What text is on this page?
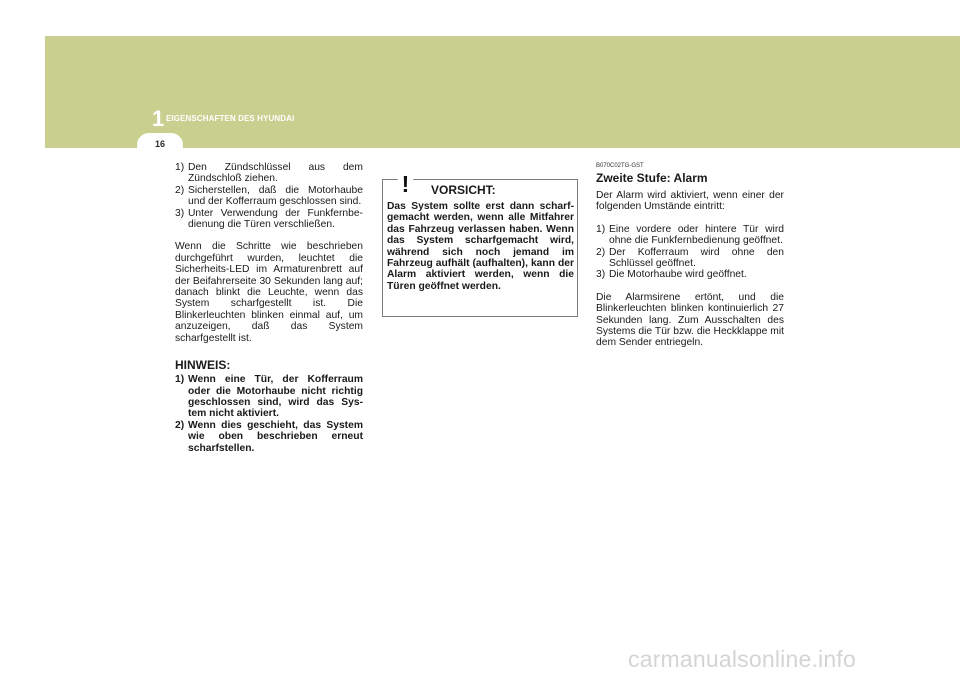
1 EIGENSCHAFTEN DES HYUNDAI
16
1) Den Zündschlüssel aus dem Zündschloß ziehen.
2) Sicherstellen, daß die Motorhaube und der Kofferraum geschlossen sind.
3) Unter Verwendung der Funkfernbe-dienung die Türen verschließen.

Wenn die Schritte wie beschrieben durchgeführt wurden, leuchtet die Sicherheits-LED im Armaturenbrett auf der Beifahrerseite 30 Sekunden lang auf; danach blinkt die Leuchte, wenn das System scharfgestellt ist. Die Blinkerleuchten blinken einmal auf, um anzuzeigen, daß das System scharfgestellt ist.

HINWEIS:
1) Wenn eine Tür, der Kofferraum oder die Motorhaube nicht richtig geschlossen sind, wird das Sys-tem nicht aktiviert.
2) Wenn dies geschieht, das System wie oben beschrieben erneut scharfstellen.
! VORSICHT:
Das System sollte erst dann scharf-gemacht werden, wenn alle Mitfahrer das Fahrzeug verlassen haben. Wenn das System scharfgemacht wird, während sich noch jemand im Fahrzeug aufhält (aufhalten), kann der Alarm aktiviert werden, wenn die Türen geöffnet werden.

B070C02TG-GST

Zweite Stufe: Alarm

Der Alarm wird aktiviert, wenn einer der folgenden Umstände eintritt:

1) Eine vordere oder hintere Tür wird ohne die Funkfernbedienung geöffnet.
2) Der Kofferraum wird ohne den Schlüssel geöffnet.
3) Die Motorhaube wird geöffnet.

Die Alarmsirene ertönt, und die Blinkerleuchten blinken kontinuierlich 27 Sekunden lang. Zum Ausschalten des Systems die Tür bzw. die Heckklappe mit dem Sender entriegeln.

carmanualsonline.info
